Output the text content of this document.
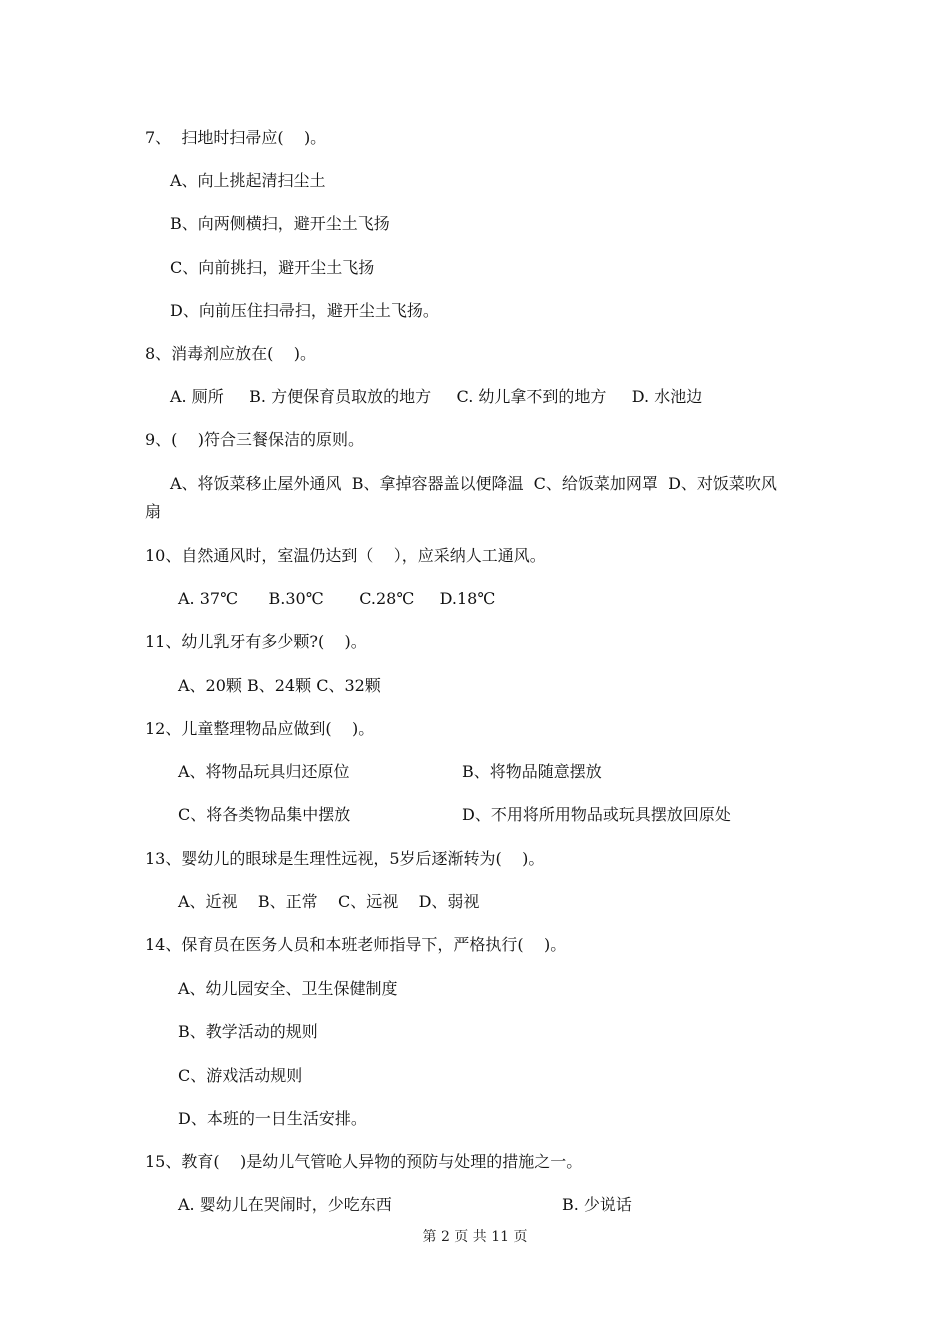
7、  扫地时扫帚应(    )。
A、向上挑起清扫尘土
B、向两侧横扫，避开尘土飞扬
C、向前挑扫，避开尘土飞扬
D、向前压住扫帚扫，避开尘土飞扬。
8、消毒剂应放在(    )。
A. 厕所     B. 方便保育员取放的地方     C. 幼儿拿不到的地方     D. 水池边
9、(    )符合三餐保洁的原则。
A、将饭菜移止屋外通风  B、拿掉容器盖以便降温  C、给饭菜加网罩  D、对饭菜吹风
扇
10、自然通风时，室温仍达到（    ），应采纳人工通风。
A. 37℃      B.30℃       C.28℃     D.18℃
11、幼儿乳牙有多少颗?(    )。
A、20颗 B、24颗 C、32颗
12、儿童整理物品应做到(    )。

A、将物品玩具归还原位

	B、将物品随意摆放

C、将各类物品集中摆放

	D、不用将所用物品或玩具摆放回原处

13、婴幼儿的眼球是生理性远视，5岁后逐渐转为(    )。
A、近视    B、正常    C、远视    D、弱视
14、保育员在医务人员和本班老师指导下，严格执行(    )。
A、幼儿园安全、卫生保健制度
B、教学活动的规则
C、游戏活动规则
D、本班的一日生活安排。
15、教育(    )是幼儿气管呛人异物的预防与处理的措施之一。

A. 婴幼儿在哭闹时，少吃东西

	B. 少说话

第 2 页 共 11 页
